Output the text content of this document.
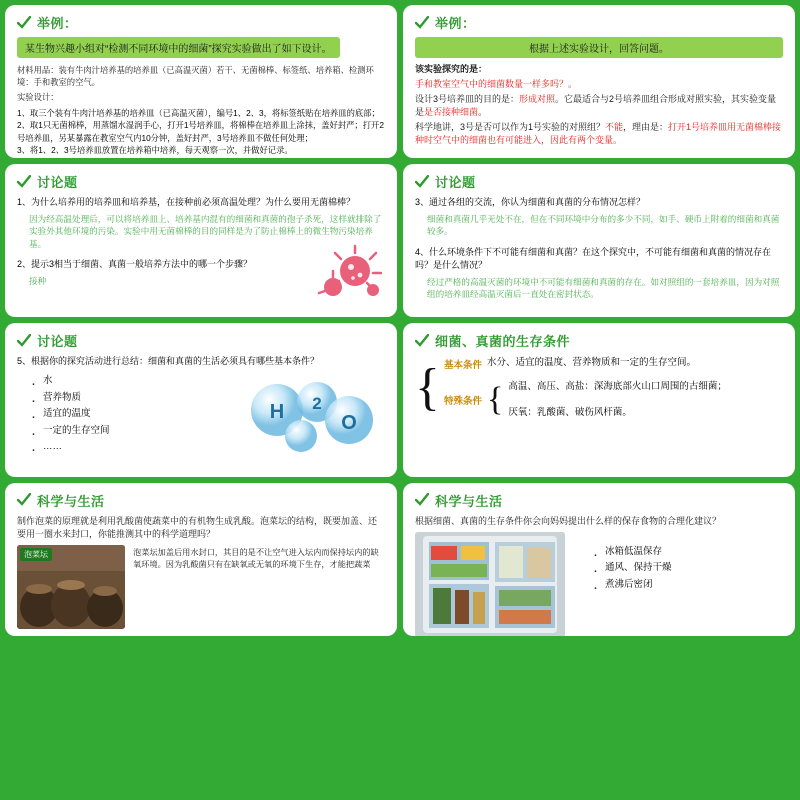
举例：
某生物兴趣小组对“检测不同环境中的细菌”探究实验做出了如下设计。
材料用品：装有牛肉汁培养基的培养皿（已高温灭菌）若干、无菌棉棒、标签纸、培养箱、检测环境：手和教室的空气。
实验设计：
1、取三个装有牛肉汁培养基的培养皿（已高温灭菌），编号1、2、3，将标签纸贴在培养皿的底部；
2、取1只无菌棉棒，用蒸馏水湿润手心，打开1号培养皿，将棉棒在培养皿上涂抹，盖好封严；打开2号培养皿，另某暴露在教室空气内10分钟，盖好封严，3号培养皿不做任何处理；
3、将1、2、3号培养皿放置在培养箱中培养，每天观察一次，并做好记录。
举例：
根据上述实验设计，回答问题。
该实验探究的是：
手和教室空气中的细菌数量一样多吗？。
设计3号培养皿的目的是：形成对照。它最适合与2号培养皿组合形成对照实验，其实验变量是是否接种细菌。
科学地讲，3号是否可以作为1号实验的对照组？不能，理由是：打开1号培养皿用无菌棉棒接种时空气中的细菌也有可能进入，因此有两个变量。
讨论题
1、为什么培养用的培养皿和培养基，在接种前必须高温处理？为什么要用无菌棉棒？
因为经高温处理后，可以将培养皿上、培养基内混有的细菌和真菌的孢子杀死，这样就排除了实验外其他环境的污染。实验中用无菌棉棒的目的同样是为了防止棉棒上的微生物污染培养基。
2、提示3相当于细菌、真菌一般培养方法中的哪一个步骤？
接种
讨论题
3、通过各组的交流，你认为细菌和真菌的分布情况怎样？
细菌和真菌几乎无处不在，但在不同环境中分布的多少不同，如手、硬币上附着的细菌和真菌较多。
4、什么环境条件下不可能有细菌和真菌？在这个探究中，不可能有细菌和真菌的情况存在吗？是什么情况？
经过严格的高温灭菌的环境中不可能有细菌和真菌的存在。如对照组的一套培养皿，因为对照组的培养皿经高温灭菌后一直处在密封状态。
讨论题
5、根据你的探究活动进行总结：细菌和真菌的生活必须具有哪些基本条件？
· 水
· 营养物质
· 适宜的温度
· 一定的生存空间
· ……
H 2
O
细菌、真菌的生存条件
{ 基本条件 水分、适宜的温度、营养物质和一定的生存空间。
特殊条件 { 高温、高压、高盐：深海底部火山口周围的古细菌；
厌氧：乳酸菌、破伤风杆菌。
科学与生活
制作泡菜的原理就是利用乳酸菌使蔬菜中的有机物生成乳酸。泡菜坛的结构，既要加盖、还要用一圈水来封口，你能推测其中的科学道理吗？
泡菜坛	泡菜坛加盖后用水封口，其目的是不让空气进入坛内而保持坛内的缺氧环境。因为乳酸菌只有在缺氧或无氧的环境下生存，才能把蔬菜
科学与生活
根据细菌、真菌的生存条件你会向妈妈提出什么样的保存食物的合理化建议？
· 冰箱低温保存
· 通风、保持干燥
· 煮沸后密闭
